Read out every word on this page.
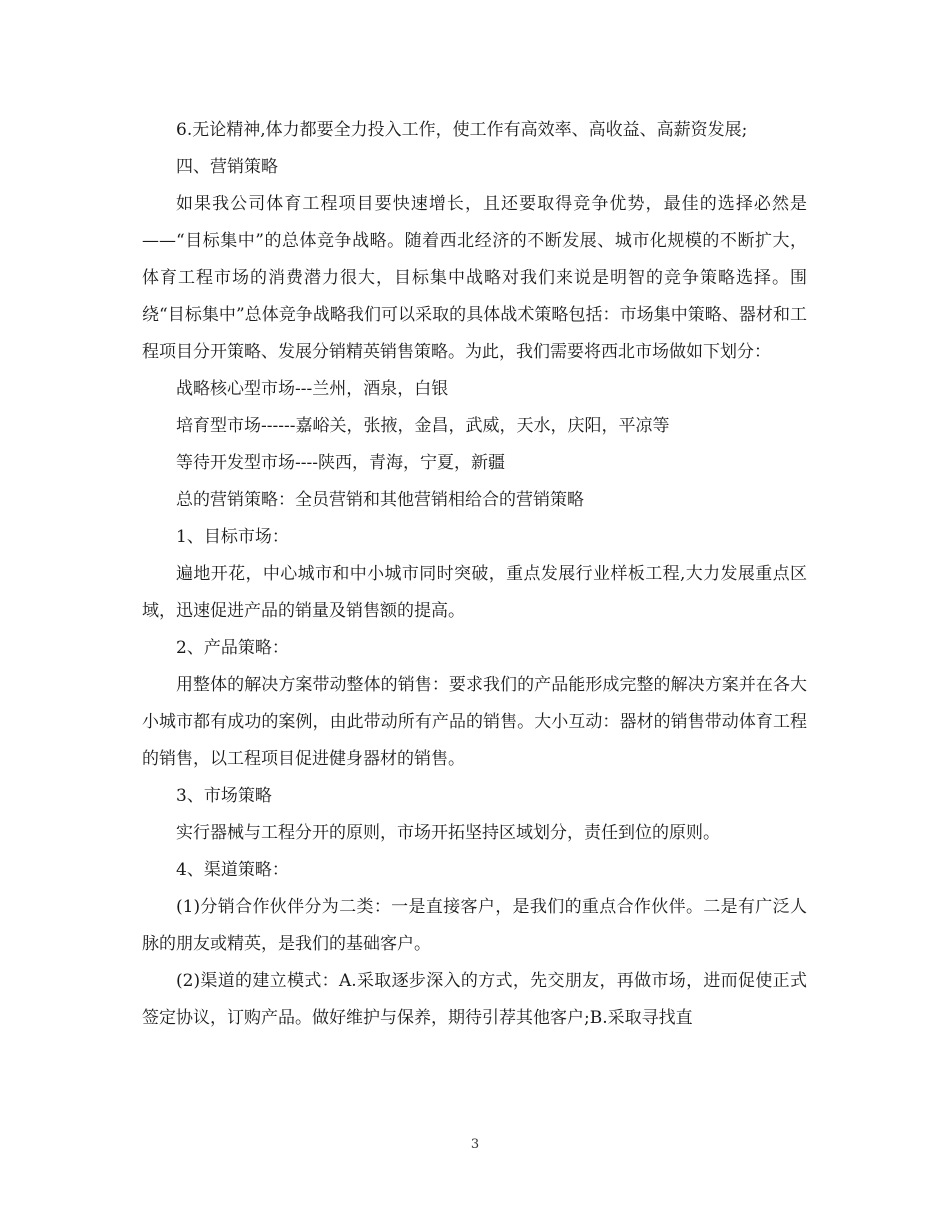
6.无论精神,体力都要全力投入工作，使工作有高效率、高收益、高薪资发展;

四、营销策略

如果我公司体育工程项目要快速增长，且还要取得竞争优势，最佳的选择必然是——“目标集中”的总体竞争战略。随着西北经济的不断发展、城市化规模的不断扩大， 体育工程市场的消费潜力很大，目标集中战略对我们来说是明智的竞争策略选择。围绕“目标集中”总体竞争战略我们可以采取的具体战术策略包括：市场集中策略、器材和工程项目分开策略、发展分销精英销售策略。为此，我们需要将西北市场做如下划分：

战略核心型市场---兰州，酒泉，白银

培育型市场------嘉峪关，张掖，金昌，武威，天水，庆阳，平凉等

等待开发型市场----陕西，青海，宁夏，新疆

总的营销策略：全员营销和其他营销相给合的营销策略

1、目标市场：

遍地开花，中心城市和中小城市同时突破，重点发展行业样板工程,大力发展重点区域，迅速促进产品的销量及销售额的提高。

2、产品策略：

用整体的解决方案带动整体的销售：要求我们的产品能形成完整的解决方案并在各大小城市都有成功的案例，由此带动所有产品的销售。大小互动：器材的销售带动体育工程的销售，以工程项目促进健身器材的销售。

3、市场策略

实行器械与工程分开的原则，市场开拓坚持区域划分，责任到位的原则。

4、渠道策略：

(1)分销合作伙伴分为二类：一是直接客户，是我们的重点合作伙伴。二是有广泛人脉的朋友或精英，是我们的基础客户。

(2)渠道的建立模式：A.采取逐步深入的方式，先交朋友，再做市场，进而促使正式签定协议，订购产品。做好维护与保养，期待引荐其他客户;B.采取寻找直

3
